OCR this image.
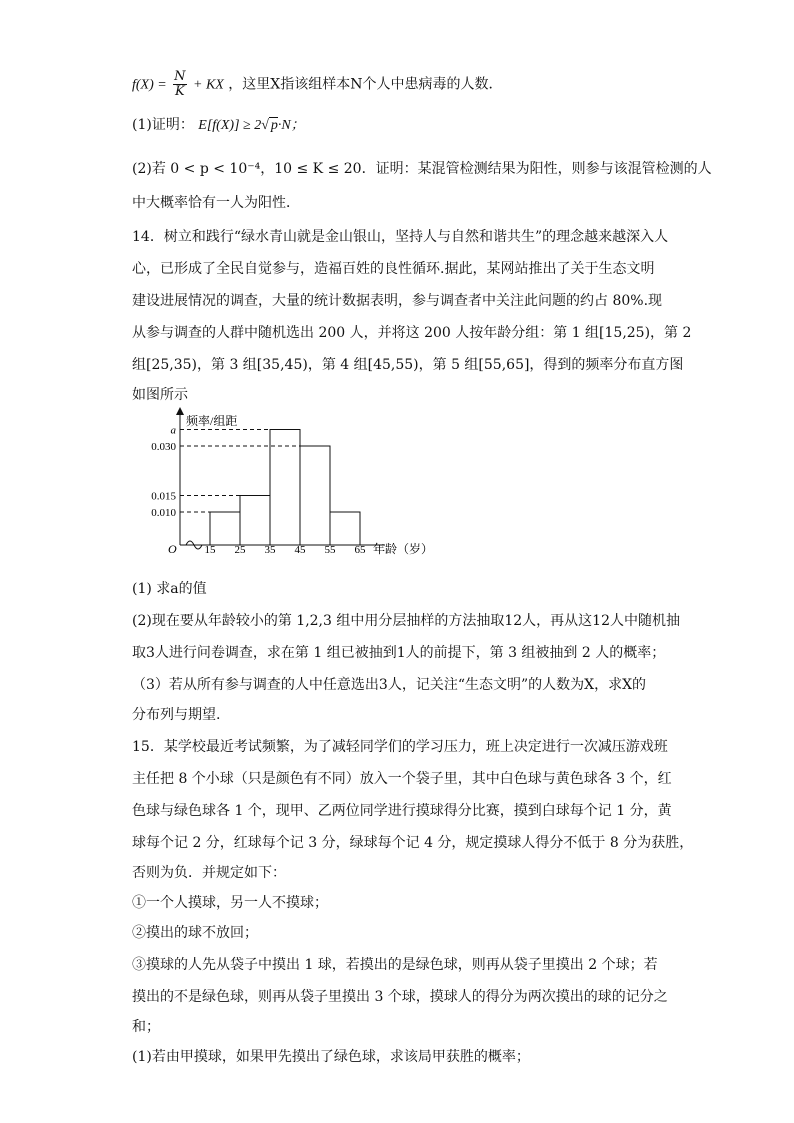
$f(X) = \frac{N}{K}$ + KX ，这里X指该组样本N个人中患病毒的人数．
(1)证明： E[f(X)] ≥ 2√ p·N；
(2)若 0 < p < 10⁻⁴，10 ≤ K ≤ 20．证明：某混管检测结果为阳性，则参与该混管检测的人
中大概率恰有一人为阳性．
14．树立和践行“绿水青山就是金山银山，坚持人与自然和谐共生”的理念越来越深入人
心，已形成了全民自觉参与，造福百姓的良性循环.据此，某网站推出了关于生态文明
建设进展情况的调查，大量的统计数据表明，参与调查者中关注此问题的约占 80%.现
从参与调查的人群中随机选出 200 人，并将这 200 人按年龄分组：第 1 组[15,25)，第 2
组[25,35)，第 3 组[35,45)，第 4 组[45,55)，第 5 组[55,65]，得到的频率分布直方图
如图所示
O
频率/组距
年龄（岁）
0.010
0.015
0.030
a
15 25 35 45 55 65
(1) 求a的值
(2)现在要从年龄较小的第 1,2,3 组中用分层抽样的方法抽取12人，再从这12人中随机抽
取3人进行问卷调查，求在第 1 组已被抽到1人的前提下，第 3 组被抽到 2 人的概率；
（3）若从所有参与调查的人中任意选出3人，记关注“生态文明”的人数为X，求X的
分布列与期望.
15．某学校最近考试频繁，为了减轻同学们的学习压力，班上决定进行一次减压游戏班
主任把 8 个小球（只是颜色有不同）放入一个袋子里，其中白色球与黄色球各 3 个，红
色球与绿色球各 1 个，现甲、乙两位同学进行摸球得分比赛，摸到白球每个记 1 分，黄
球每个记 2 分，红球每个记 3 分，绿球每个记 4 分，规定摸球人得分不低于 8 分为获胜，
否则为负．并规定如下：
①一个人摸球，另一人不摸球；
②摸出的球不放回；
③摸球的人先从袋子中摸出 1 球，若摸出的是绿色球，则再从袋子里摸出 2 个球；若
摸出的不是绿色球，则再从袋子里摸出 3 个球，摸球人的得分为两次摸出的球的记分之
和；
(1)若由甲摸球，如果甲先摸出了绿色球，求该局甲获胜的概率；
